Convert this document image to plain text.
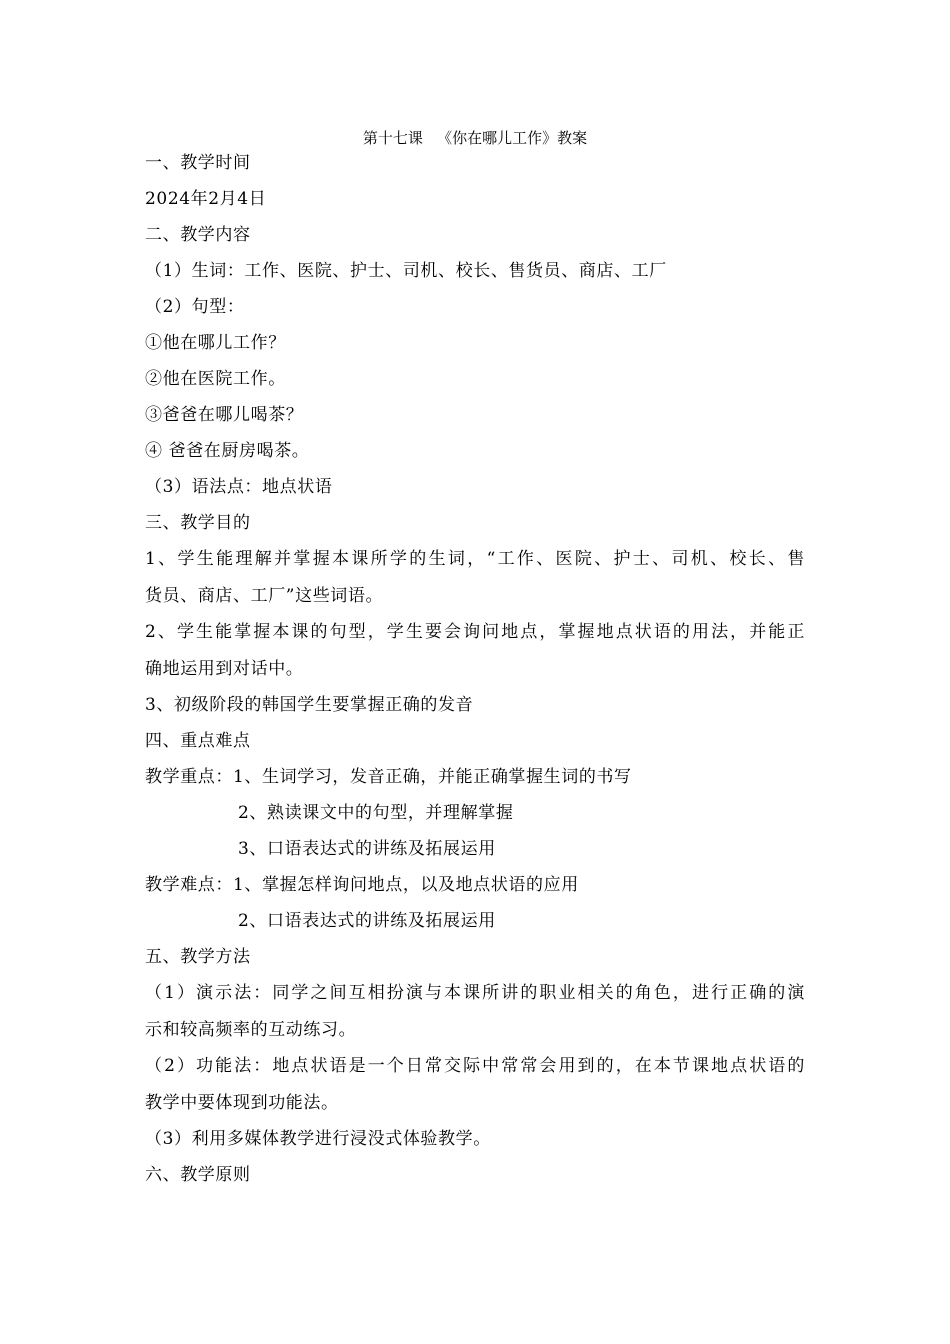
第十七课   《你在哪儿工作》教案
一、教学时间
2024年2月4日
二、教学内容
（1）生词：工作、医院、护士、司机、校长、售货员、商店、工厂
（2）句型：
①他在哪儿工作？
②他在医院工作。
③爸爸在哪儿喝茶？
④ 爸爸在厨房喝茶。
（3）语法点：地点状语
三、教学目的
1、学生能理解并掌握本课所学的生词，“工作、医院、护士、司机、校长、售
货员、商店、工厂”这些词语。
2、学生能掌握本课的句型，学生要会询问地点，掌握地点状语的用法，并能正
确地运用到对话中。
3、初级阶段的韩国学生要掌握正确的发音
四、重点难点
教学重点：1、生词学习，发音正确，并能正确掌握生词的书写
2、熟读课文中的句型，并理解掌握
3、口语表达式的讲练及拓展运用
教学难点：1、掌握怎样询问地点，以及地点状语的应用
2、口语表达式的讲练及拓展运用
五、教学方法
（1）演示法：同学之间互相扮演与本课所讲的职业相关的角色，进行正确的演
示和较高频率的互动练习。
（2）功能法：地点状语是一个日常交际中常常会用到的，在本节课地点状语的
教学中要体现到功能法。
（3）利用多媒体教学进行浸没式体验教学。
六、教学原则
